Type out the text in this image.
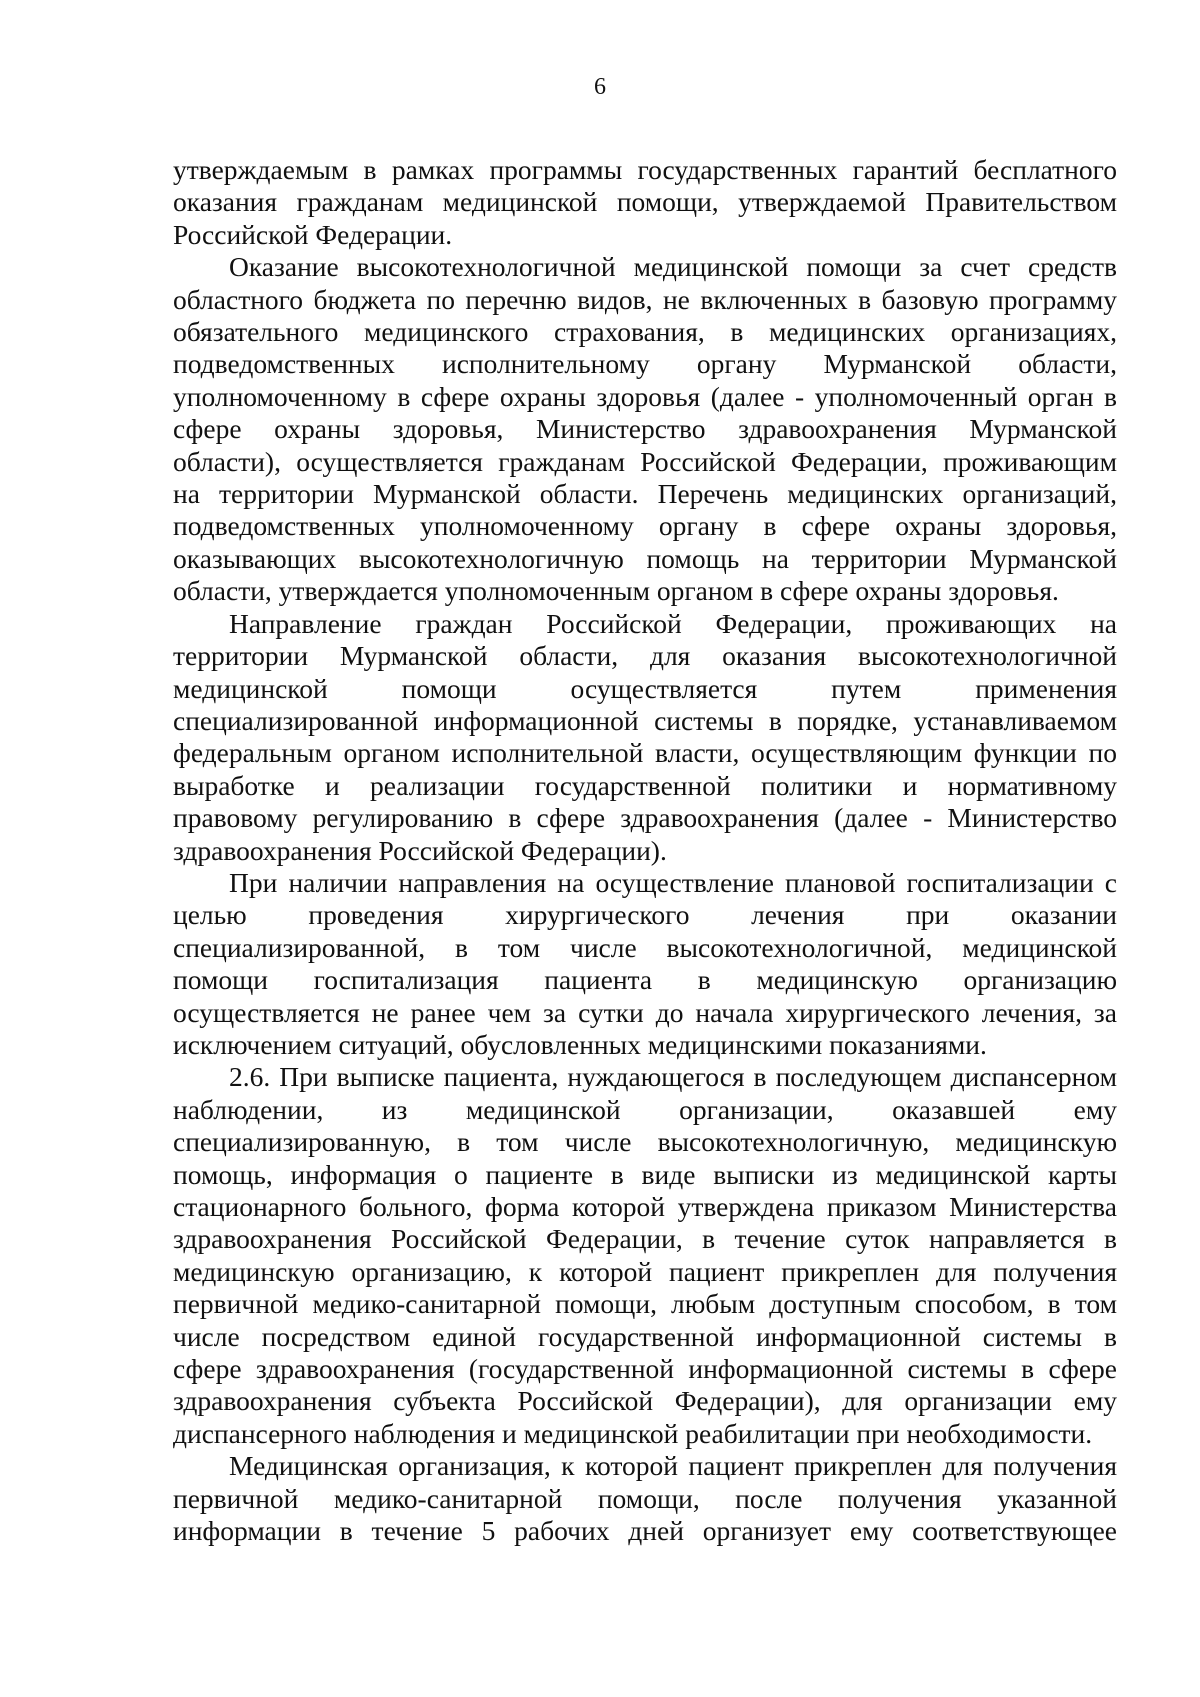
6

утверждаемым в рамках программы государственных гарантий бесплатного
оказания гражданам медицинской помощи, утверждаемой Правительством
Российской Федерации.

Оказание высокотехнологичной медицинской помощи за счет средств
областного бюджета по перечню видов, не включенных в базовую программу
обязательного медицинского страхования, в медицинских организациях,
подведомственных исполнительному органу Мурманской области,
уполномоченному в сфере охраны здоровья (далее - уполномоченный орган в
сфере охраны здоровья, Министерство здравоохранения Мурманской
области), осуществляется гражданам Российской Федерации, проживающим
на территории Мурманской области. Перечень медицинских организаций,
подведомственных уполномоченному органу в сфере охраны здоровья,
оказывающих высокотехнологичную помощь на территории Мурманской
области, утверждается уполномоченным органом в сфере охраны здоровья.

Направление граждан Российской Федерации, проживающих на
территории Мурманской области, для оказания высокотехнологичной
медицинской помощи осуществляется путем применения
специализированной информационной системы в порядке, устанавливаемом
федеральным органом исполнительной власти, осуществляющим функции по
выработке и реализации государственной политики и нормативному
правовому регулированию в сфере здравоохранения (далее - Министерство
здравоохранения Российской Федерации).

При наличии направления на осуществление плановой госпитализации с
целью проведения хирургического лечения при оказании
специализированной, в том числе высокотехнологичной, медицинской
помощи госпитализация пациента в медицинскую организацию
осуществляется не ранее чем за сутки до начала хирургического лечения, за
исключением ситуаций, обусловленных медицинскими показаниями.

2.6. При выписке пациента, нуждающегося в последующем диспансерном
наблюдении, из медицинской организации, оказавшей ему
специализированную, в том числе высокотехнологичную, медицинскую
помощь, информация о пациенте в виде выписки из медицинской карты
стационарного больного, форма которой утверждена приказом Министерства
здравоохранения Российской Федерации, в течение суток направляется в
медицинскую организацию, к которой пациент прикреплен для получения
первичной медико-санитарной помощи, любым доступным способом, в том
числе посредством единой государственной информационной системы в
сфере здравоохранения (государственной информационной системы в сфере
здравоохранения субъекта Российской Федерации), для организации ему
диспансерного наблюдения и медицинской реабилитации при необходимости.

Медицинская организация, к которой пациент прикреплен для получения
первичной медико-санитарной помощи, после получения указанной
информации в течение 5 рабочих дней организует ему соответствующее
